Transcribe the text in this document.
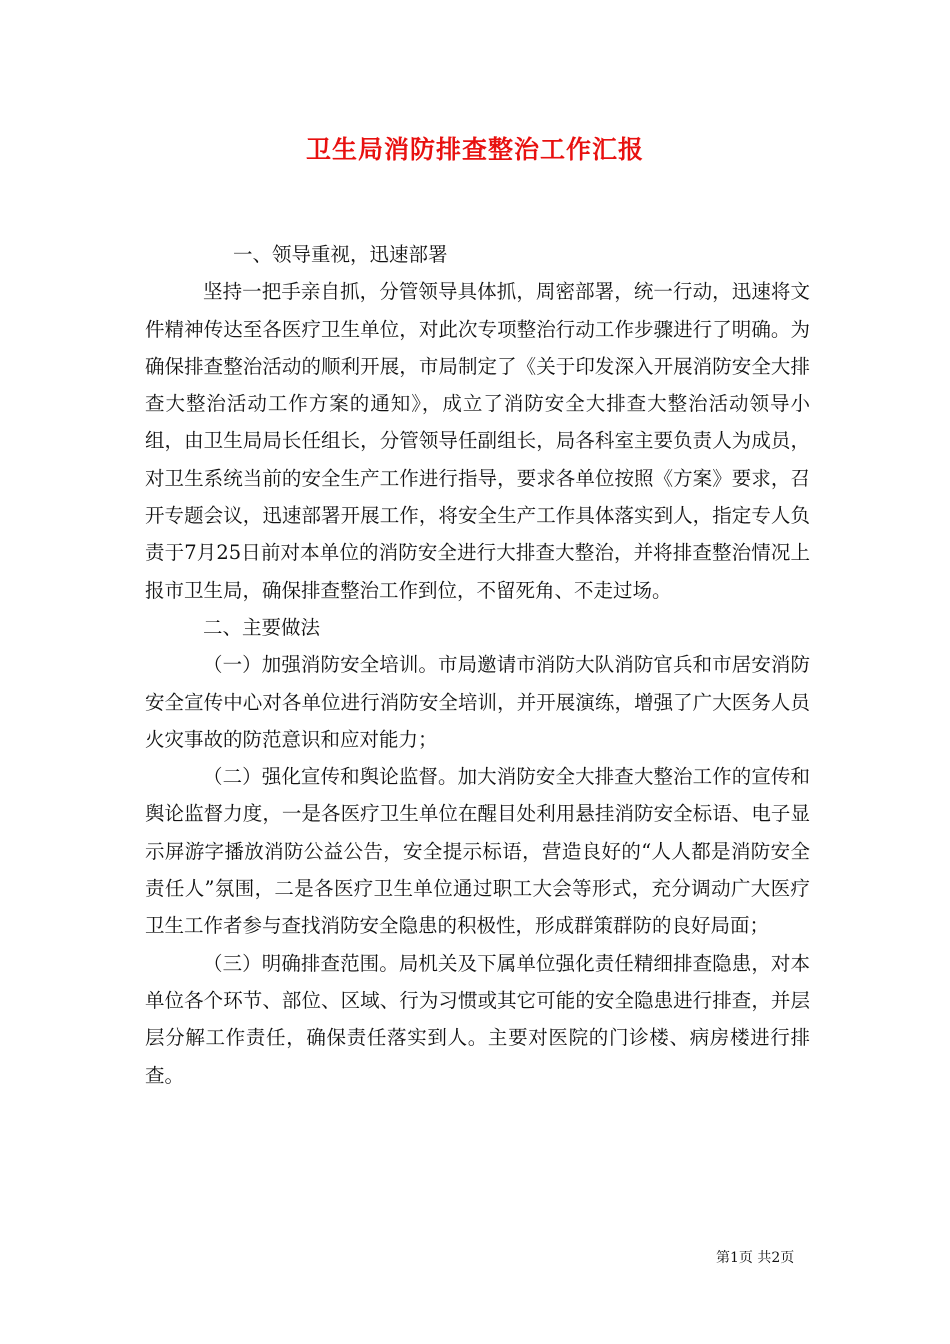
卫生局消防排查整治工作汇报

一、领导重视，迅速部署

坚持一把手亲自抓，分管领导具体抓，周密部署，统一行动，迅速将文件精神传达至各医疗卫生单位，对此次专项整治行动工作步骤进行了明确。为确保排查整治活动的顺利开展，市局制定了《关于印发深入开展消防安全大排查大整治活动工作方案的通知》，成立了消防安全大排查大整治活动领导小组，由卫生局局长任组长，分管领导任副组长，局各科室主要负责人为成员，对卫生系统当前的安全生产工作进行指导，要求各单位按照《方案》要求，召开专题会议，迅速部署开展工作，将安全生产工作具体落实到人，指定专人负责于7月25日前对本单位的消防安全进行大排查大整治，并将排查整治情况上报市卫生局，确保排查整治工作到位，不留死角、不走过场。

二、主要做法

（一）加强消防安全培训。市局邀请市消防大队消防官兵和市居安消防安全宣传中心对各单位进行消防安全培训，并开展演练，增强了广大医务人员火灾事故的防范意识和应对能力；

（二）强化宣传和舆论监督。加大消防安全大排查大整治工作的宣传和舆论监督力度，一是各医疗卫生单位在醒目处利用悬挂消防安全标语、电子显示屏游字播放消防公益公告，安全提示标语，营造良好的“人人都是消防安全责任人”氛围，二是各医疗卫生单位通过职工大会等形式，充分调动广大医疗卫生工作者参与查找消防安全隐患的积极性，形成群策群防的良好局面；

（三）明确排查范围。局机关及下属单位强化责任精细排查隐患，对本单位各个环节、部位、区域、行为习惯或其它可能的安全隐患进行排查，并层层分解工作责任，确保责任落实到人。主要对医院的门诊楼、病房楼进行排查。

第1页 共2页
